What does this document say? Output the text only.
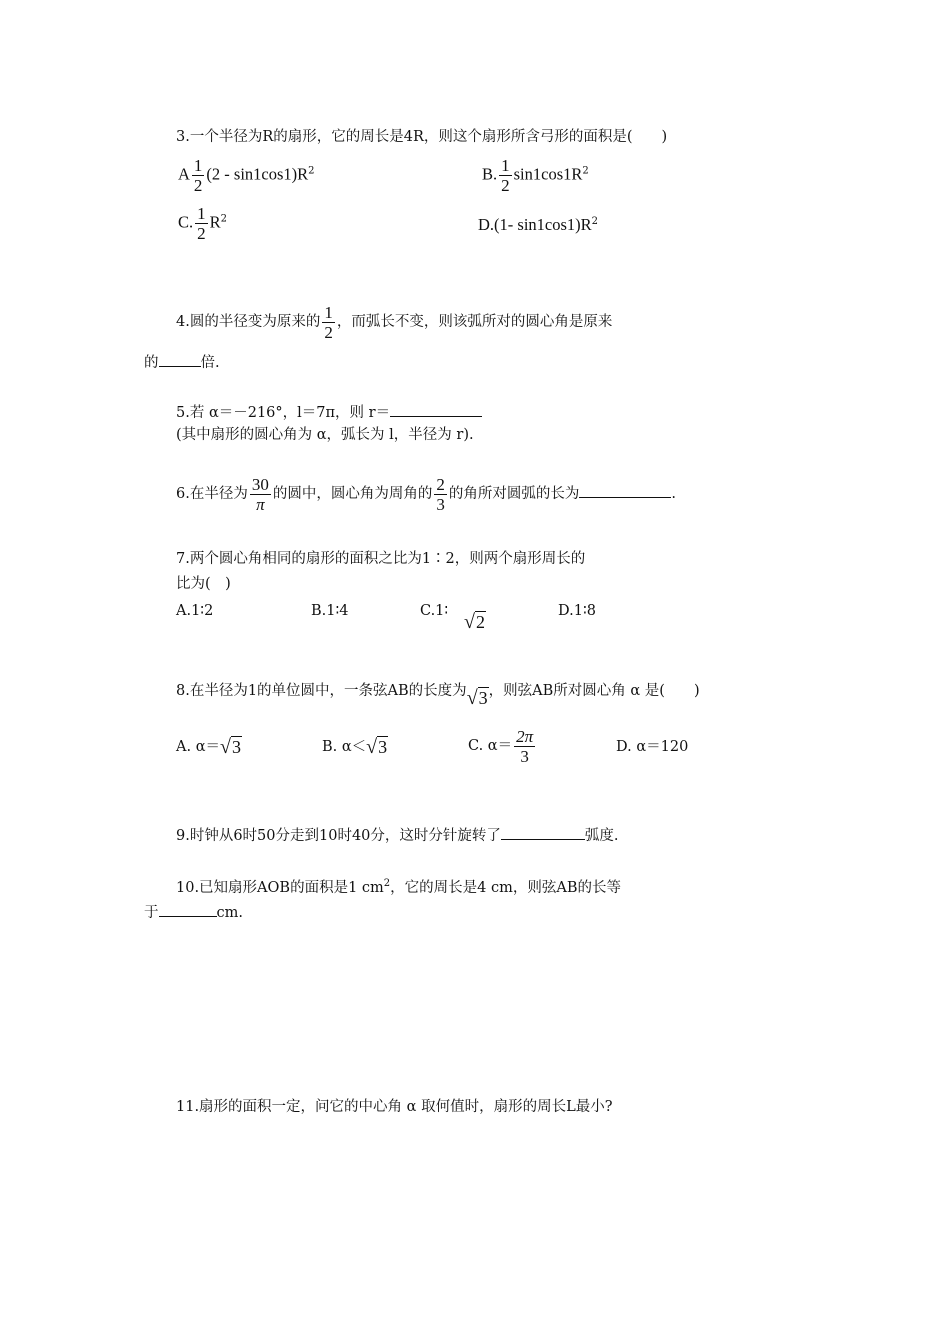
3.一个半径为R的扇形，它的周长是4R，则这个扇形所含弓形的面积是(　　)
A $\frac{1}{2} (2 - \sin 1\cos 1)R^2$	B. $\frac{1}{2} \sin 1\cos 1R^2$
C. $\frac{1}{2} R^2$	D.(1- $\sin 1\cos 1)R^2$
4.圆的半径变为原来的 $\frac{1}{2}$ ，而弧长不变，则该弧所对的圆心角是原来
的	倍.
5.若 α＝－216°，l＝7π，则 r＝
(其中扇形的圆心角为 α，弧长为 l，半径为 r).
6.在半径为 $\frac{30}{\pi}$ 的圆中，圆心角为周角的 $\frac{2}{3}$ 的角所对圆弧的长为	.
7.两个圆心角相同的扇形的面积之比为1∶2，则两个扇形周长的
比为(　)
A.1∶2	B.1∶4	C.1∶ √2
D.1∶8
8.在半径为1的单位圆中，一条弦AB的长度为√3，则弦AB所对圆心角 α 是(　　)
A. α＝√3	B. α＜√3	C. $\alpha= \frac{2\pi}{3}$	D. α＝120
9.时钟从6时50分走到10时40分，这时分针旋转了	弧度.
10.已知扇形AOB的面积是1 $cm^2$，它的周长是4 cm，则弦AB的长等
于	cm.
11.扇形的面积一定，问它的中心角 α 取何值时，扇形的周长L最小?
